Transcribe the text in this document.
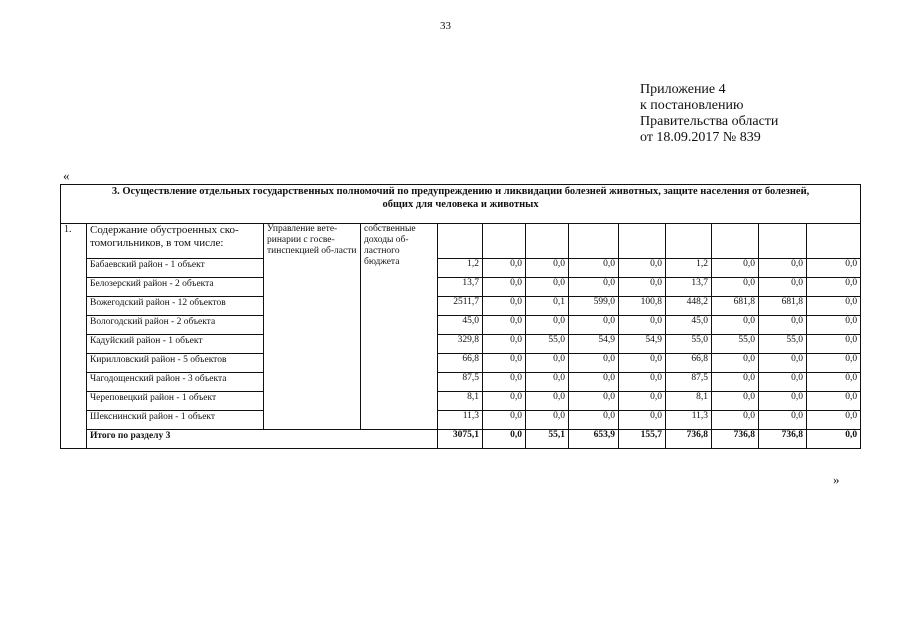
33
Приложение 4
к постановлению
Правительства области
от 18.09.2017 № 839
«
3. Осуществление отдельных государственных полномочий по предупреждению и ликвидации болезней животных, защите населения от болезней,
общих для человека и животных												

1.	Содержание обустроенных ско-томогильников, в том числе:	Управление вете-ринарии с госве-тинспекцией об-ласти	собственные доходы об-ластного бюджета									
	Бабаевский район - 1 объект			1,2	0,0	0,0	0,0	0,0	1,2	0,0	0,0	0,0
	Белозерский район - 2 объекта			13,7	0,0	0,0	0,0	0,0	13,7	0,0	0,0	0,0
	Вожегодский район - 12 объектов			2511,7	0,0	0,1	599,0	100,8	448,2	681,8	681,8	0,0
	Вологодский район - 2 объекта			45,0	0,0	0,0	0,0	0,0	45,0	0,0	0,0	0,0
	Кадуйский район - 1 объект			329,8	0,0	55,0	54,9	54,9	55,0	55,0	55,0	0,0
	Кирилловский район - 5 объектов			66,8	0,0	0,0	0,0	0,0	66,8	0,0	0,0	0,0
	Чагодощенский район - 3 объекта			87,5	0,0	0,0	0,0	0,0	87,5	0,0	0,0	0,0
	Череповецкий район - 1 объект			8,1	0,0	0,0	0,0	0,0	8,1	0,0	0,0	0,0
	Шекснинский район - 1 объект			11,3	0,0	0,0	0,0	0,0	11,3	0,0	0,0	0,0
	Итого по разделу 3			3075,1	0,0	55,1	653,9	155,7	736,8	736,8	736,8	0,0
»
